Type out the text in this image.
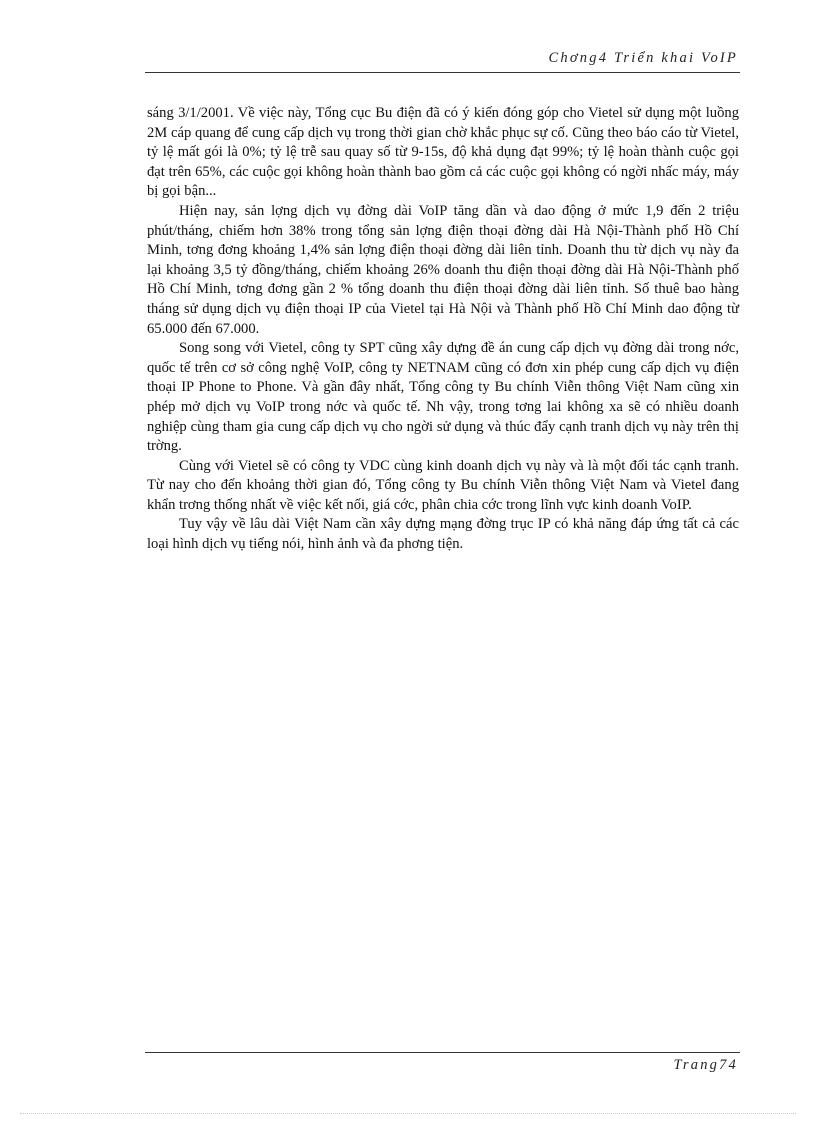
Chơng4 Triển khai VoIP

sáng 3/1/2001. Về việc này, Tổng cục Bu điện đã có ý kiến đóng góp cho Vietel sử dụng một luồng 2M cáp quang để cung cấp dịch vụ trong thời gian chờ khắc phục sự cố. Cũng theo báo cáo từ Vietel, tỷ lệ mất gói là 0%; tỷ lệ trễ sau quay số từ 9-15s, độ khả dụng đạt 99%; tỷ lệ hoàn thành cuộc gọi đạt trên 65%, các cuộc gọi không hoàn thành bao gồm cả các cuộc gọi không có ngời nhấc máy, máy bị gọi bận...

Hiện nay, sản lợng dịch vụ đờng dài VoIP tăng dần và dao động ở mức 1,9 đến 2 triệu phút/tháng, chiếm hơn 38% trong tổng sản lợng điện thoại đờng dài Hà Nội-Thành phố Hồ Chí Minh, tơng đơng khoảng 1,4% sản lợng điện thoại đờng dài liên tỉnh. Doanh thu từ dịch vụ này đa lại khoảng 3,5 tỷ đồng/tháng, chiếm khoảng 26% doanh thu điện thoại đờng dài Hà Nội-Thành phố Hồ Chí Minh, tơng đơng gần 2 % tổng doanh thu điện thoại đờng dài liên tỉnh. Số thuê bao hàng tháng sử dụng dịch vụ điện thoại IP của Vietel tại Hà Nội và Thành phố Hồ Chí Minh dao động từ 65.000 đến 67.000.

Song song với Vietel, công ty SPT cũng xây dựng đề án cung cấp dịch vụ đờng dài trong nớc, quốc tế trên cơ sở công nghệ VoIP, công ty NETNAM cũng có đơn xin phép cung cấp dịch vụ điện thoại IP Phone to Phone. Và gần đây nhất, Tổng công ty Bu chính Viễn thông Việt Nam cũng xin phép mở dịch vụ VoIP trong nớc và quốc tế. Nh vậy, trong tơng lai không xa sẽ có nhiều doanh nghiệp cùng tham gia cung cấp dịch vụ cho ngời sử dụng và thúc đẩy cạnh tranh dịch vụ này trên thị trờng.

Cùng với Vietel sẽ có công ty VDC cùng kinh doanh dịch vụ này và là một đối tác cạnh tranh. Từ nay cho đến khoảng thời gian đó, Tổng công ty Bu chính Viễn thông Việt Nam và Vietel đang khẩn trơng thống nhất về việc kết nối, giá cớc, phân chia cớc trong lĩnh vực kinh doanh VoIP.

Tuy vậy về lâu dài Việt Nam cần xây dựng mạng đờng trục IP có khả năng đáp ứng tất cả các loại hình dịch vụ tiếng nói, hình ảnh và đa phơng tiện.

Trang74
